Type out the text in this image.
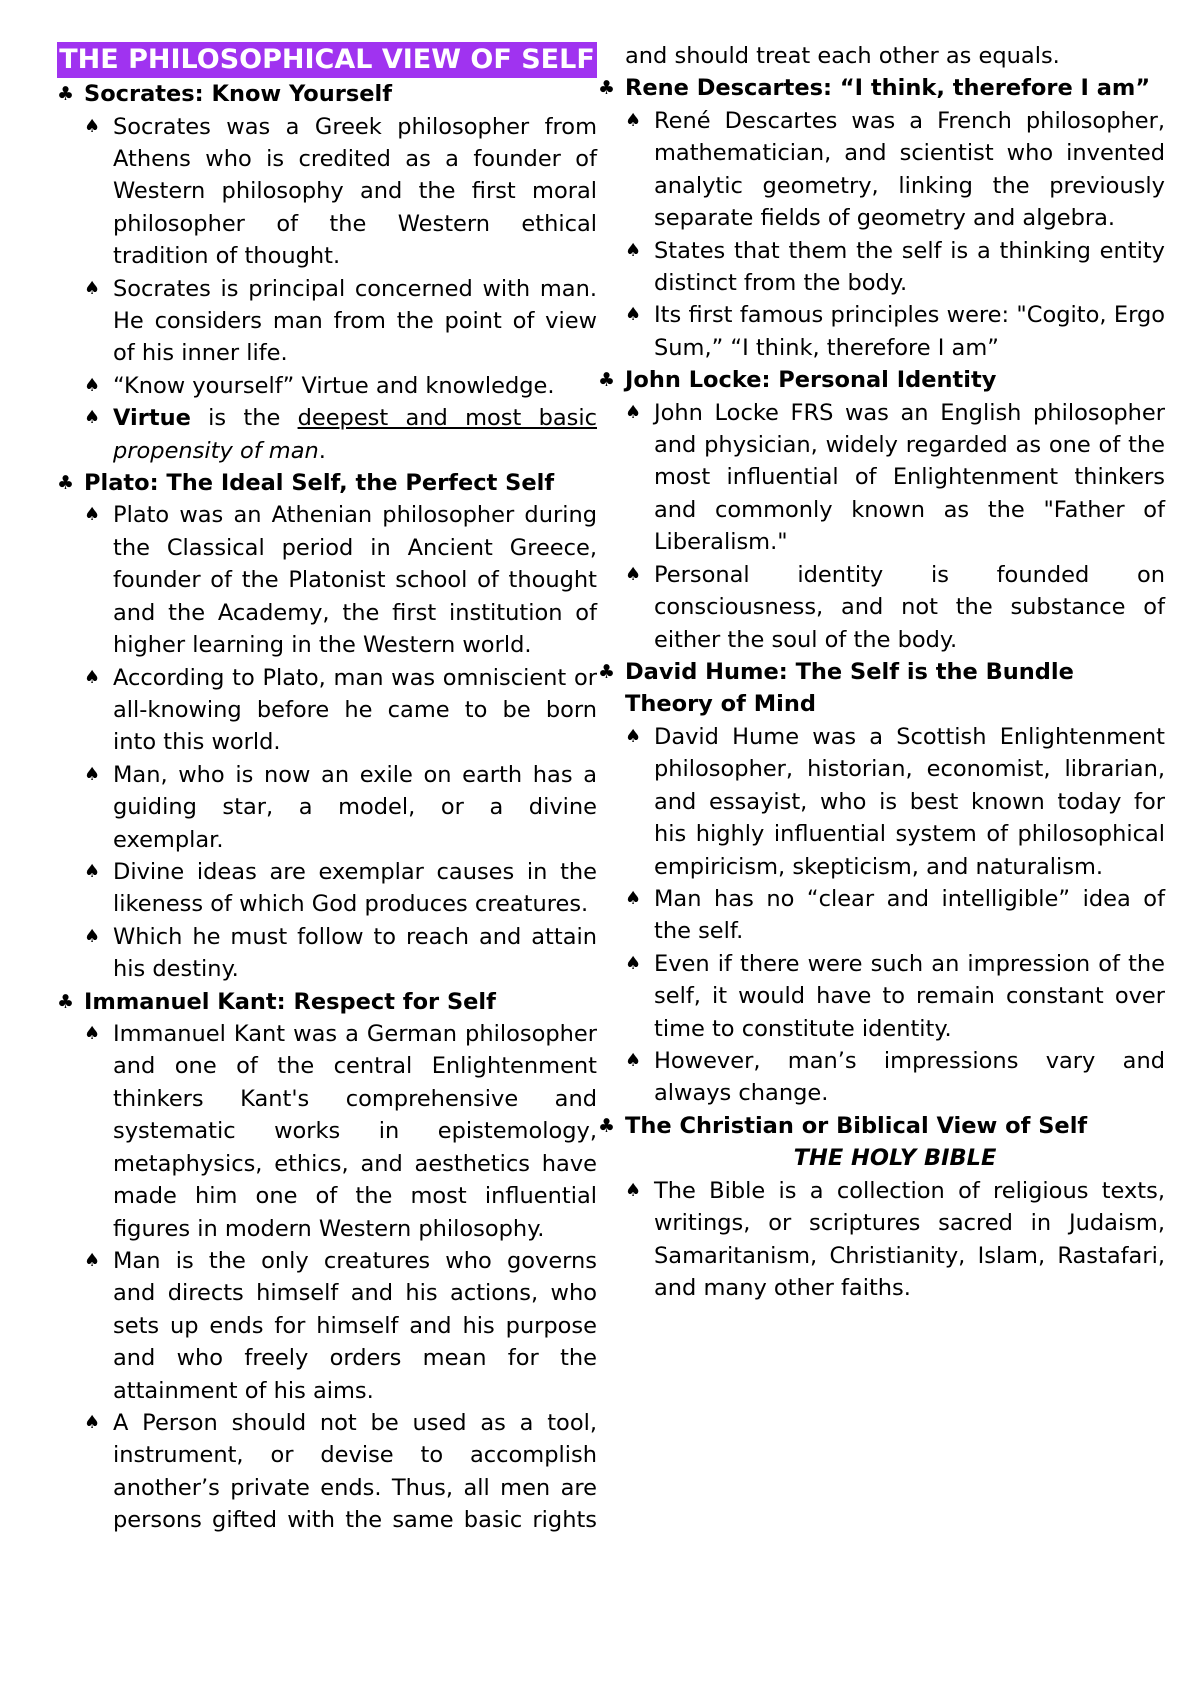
THE PHILOSOPHICAL VIEW OF SELF
♣ Socrates: Know Yourself
♠ Socrates was a Greek philosopher from Athens who is credited as a founder of Western philosophy and the first moral philosopher of the Western ethical tradition of thought.
♠ Socrates is principal concerned with man. He considers man from the point of view of his inner life.
♠ “Know yourself” Virtue and knowledge.
♠ Virtue is the deepest and most basic propensity of man.
♣ Plato: The Ideal Self, the Perfect Self
♠ Plato was an Athenian philosopher during the Classical period in Ancient Greece, founder of the Platonist school of thought and the Academy, the first institution of higher learning in the Western world.
♠ According to Plato, man was omniscient or all-knowing before he came to be born into this world.
♠ Man, who is now an exile on earth has a guiding star, a model, or a divine exemplar.
♠ Divine ideas are exemplar causes in the likeness of which God produces creatures.
♠ Which he must follow to reach and attain his destiny.
♣ Immanuel Kant: Respect for Self
♠ Immanuel Kant was a German philosopher and one of the central Enlightenment thinkers Kant's comprehensive and systematic works in epistemology, metaphysics, ethics, and aesthetics have made him one of the most influential figures in modern Western philosophy.
♠ Man is the only creatures who governs and directs himself and his actions, who sets up ends for himself and his purpose and who freely orders mean for the attainment of his aims.
♠ A Person should not be used as a tool, instrument, or devise to accomplish another’s private ends. Thus, all men are persons gifted with the same basic rights
and should treat each other as equals.
♣ Rene Descartes: “I think, therefore I am”
♠ René Descartes was a French philosopher, mathematician, and scientist who invented analytic geometry, linking the previously separate fields of geometry and algebra.
♠ States that them the self is a thinking entity distinct from the body.
♠ Its first famous principles were: "Cogito, Ergo Sum,” “I think, therefore I am”
♣ John Locke: Personal Identity
♠ John Locke FRS was an English philosopher and physician, widely regarded as one of the most influential of Enlightenment thinkers and commonly known as the "Father of Liberalism."
♠ Personal identity is founded on consciousness, and not the substance of either the soul of the body.
♣ David Hume: The Self is the Bundle Theory of Mind
♠ David Hume was a Scottish Enlightenment philosopher, historian, economist, librarian, and essayist, who is best known today for his highly influential system of philosophical empiricism, skepticism, and naturalism.
♠ Man has no “clear and intelligible” idea of the self.
♠ Even if there were such an impression of the self, it would have to remain constant over time to constitute identity.
♠ However, man’s impressions vary and always change.
♣ The Christian or Biblical View of Self
THE HOLY BIBLE
♠ The Bible is a collection of religious texts, writings, or scriptures sacred in Judaism, Samaritanism, Christianity, Islam, Rastafari, and many other faiths.
